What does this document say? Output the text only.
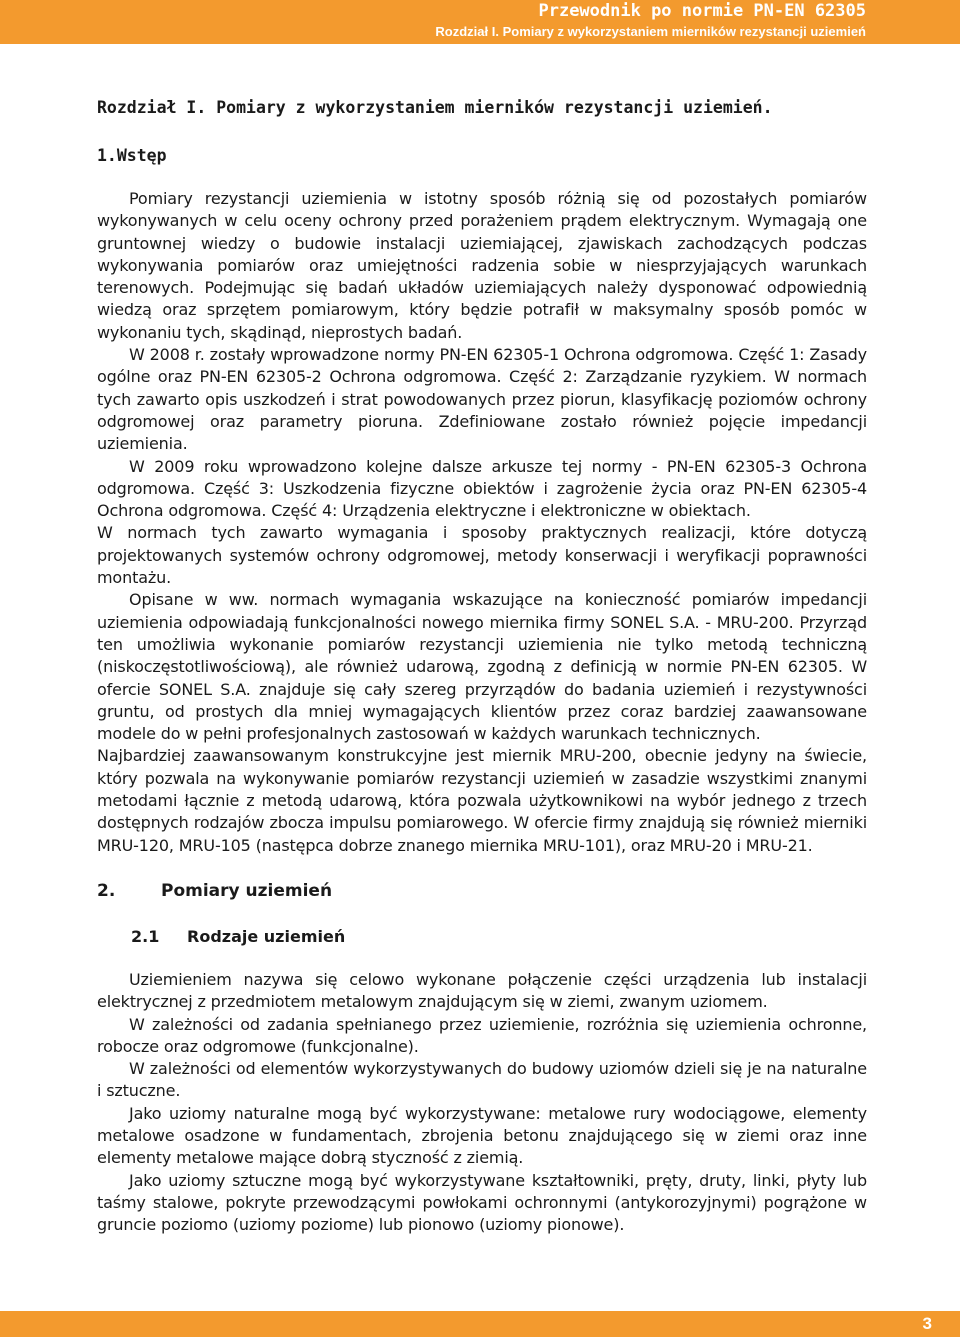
Przewodnik po normie PN-EN 62305
Rozdział I. Pomiary z wykorzystaniem mierników rezystancji uziemień
Rozdział I. Pomiary z wykorzystaniem mierników rezystancji uziemień.
1.Wstęp

Pomiary rezystancji uziemienia w istotny sposób różnią się od pozostałych pomiarów wykonywanych w celu oceny ochrony przed porażeniem prądem elektrycznym. Wymagają one gruntownej wiedzy o budowie instalacji uziemiającej, zjawiskach zachodzących podczas wykonywania pomiarów oraz umiejętności radzenia sobie w niesprzyjających warunkach terenowych. Podejmując się badań układów uziemiających należy dysponować odpowiednią wiedzą oraz sprzętem pomiarowym, który będzie potrafił w maksymalny sposób pomóc w wykonaniu tych, skądinąd, nieprostych badań.

W 2008 r. zostały wprowadzone normy PN-EN 62305-1 Ochrona odgromowa. Część 1: Zasady ogólne oraz PN-EN 62305-2 Ochrona odgromowa. Część 2: Zarządzanie ryzykiem. W normach tych zawarto opis uszkodzeń i strat powodowanych przez piorun, klasyfikację poziomów ochrony odgromowej oraz parametry pioruna. Zdefiniowane zostało również pojęcie impedancji uziemienia.

W 2009 roku wprowadzono kolejne dalsze arkusze tej normy - PN-EN 62305-3 Ochrona odgromowa. Część 3: Uszkodzenia fizyczne obiektów i zagrożenie życia oraz PN-EN 62305-4 Ochrona odgromowa. Część 4: Urządzenia elektryczne i elektroniczne w obiektach.

W normach tych zawarto wymagania i sposoby praktycznych realizacji, które dotyczą projektowanych systemów ochrony odgromowej, metody konserwacji i weryfikacji poprawności montażu.

Opisane w ww. normach wymagania wskazujące na konieczność pomiarów impedancji uziemienia odpowiadają funkcjonalności nowego miernika firmy SONEL S.A. - MRU-200. Przyrząd ten umożliwia wykonanie pomiarów rezystancji uziemienia nie tylko metodą techniczną (niskoczęstotliwościową), ale również udarową, zgodną z definicją w normie PN-EN 62305. W ofercie SONEL S.A. znajduje się cały szereg przyrządów do badania uziemień i rezystywności gruntu, od prostych dla mniej wymagających klientów przez coraz bardziej zaawansowane modele do w pełni profesjonalnych zastosowań w każdych warunkach technicznych.

Najbardziej zaawansowanym konstrukcyjne jest miernik MRU-200, obecnie jedyny na świecie, który pozwala na wykonywanie pomiarów rezystancji uziemień w zasadzie wszystkimi znanymi metodami łącznie z metodą udarową, która pozwala użytkownikowi na wybór jednego z trzech dostępnych rodzajów zbocza impulsu pomiarowego. W ofercie firmy znajdują się również mierniki MRU-120, MRU-105 (następca dobrze znanego miernika MRU-101), oraz MRU-20 i MRU-21.

2.	Pomiary uziemień
2.1	Rodzaje uziemień

Uziemieniem nazywa się celowo wykonane połączenie części urządzenia lub instalacji elektrycznej z przedmiotem metalowym znajdującym się w ziemi, zwanym uziomem.

W zależności od zadania spełnianego przez uziemienie, rozróżnia się uziemienia ochronne, robocze oraz odgromowe (funkcjonalne).

W zależności od elementów wykorzystywanych do budowy uziomów dzieli się je na naturalne i sztuczne.

Jako uziomy naturalne mogą być wykorzystywane: metalowe rury wodociągowe, elementy metalowe osadzone w fundamentach, zbrojenia betonu znajdującego się w ziemi oraz inne elementy metalowe mające dobrą styczność z ziemią.

Jako uziomy sztuczne mogą być wykorzystywane kształtowniki, pręty, druty, linki, płyty lub taśmy stalowe, pokryte przewodzącymi powłokami ochronnymi (antykorozyjnymi) pogrążone w gruncie poziomo (uziomy poziome) lub pionowo (uziomy pionowe).

3
